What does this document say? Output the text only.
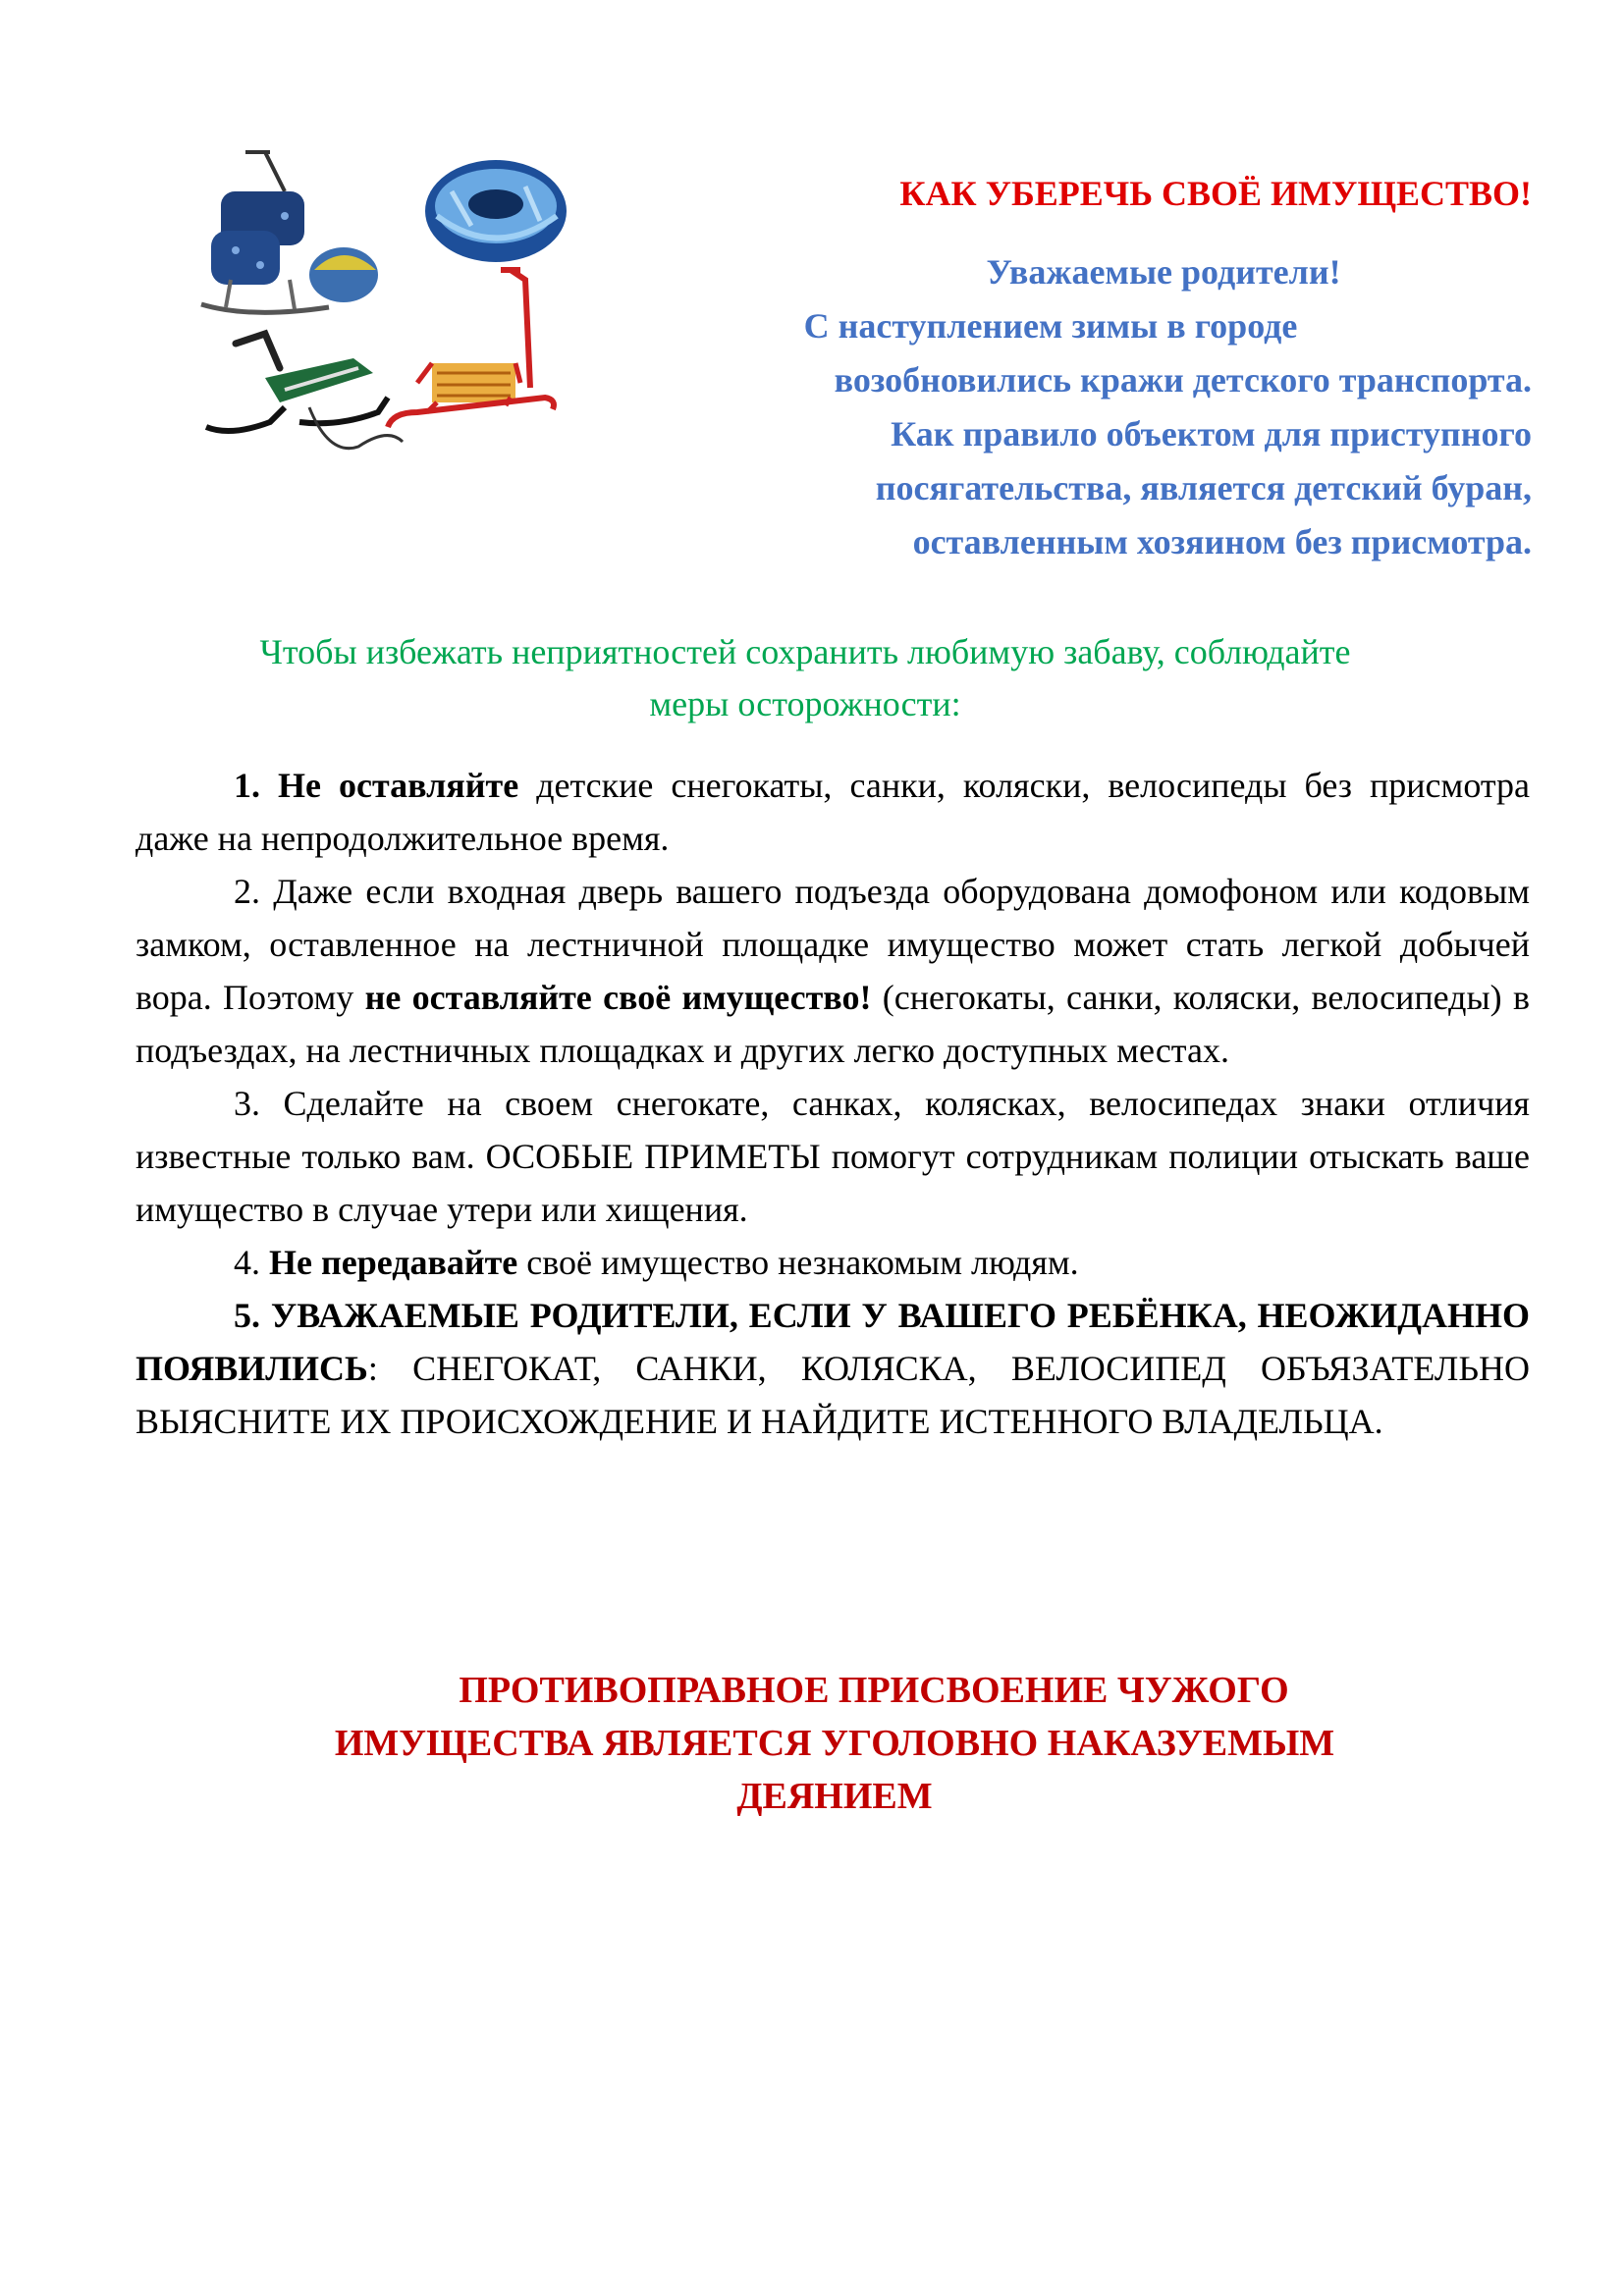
КАК УБЕРЕЧЬ СВОЁ ИМУЩЕСТВО!
Уважаемые родители!
С наступлением зимы в городе
возобновились кражи детского транспорта.
Как правило объектом для приступного
посягательства, является детский буран,
оставленным хозяином без присмотра.
Чтобы избежать неприятностей сохранить любимую забаву, соблюдайте
меры осторожности:

1. Не оставляйте детские снегокаты, санки, коляски, велосипеды без присмотра даже на непродолжительное время.

2. Даже если входная дверь вашего подъезда оборудована домофоном или кодовым замком, оставленное на лестничной площадке имущество может стать легкой добычей вора. Поэтому не оставляйте своё имущество! (снегокаты, санки, коляски, велосипеды) в подъездах, на лестничных площадках и других легко доступных местах.

3. Сделайте на своем снегокате, санках, колясках, велосипедах знаки отличия известные только вам. ОСОБЫЕ ПРИМЕТЫ помогут сотрудникам полиции отыскать ваше имущество в случае утери или хищения.

4. Не передавайте своё имущество незнакомым людям.

5. УВАЖАЕМЫЕ РОДИТЕЛИ, ЕСЛИ У ВАШЕГО РЕБЁНКА, НЕОЖИДАННО ПОЯВИЛИСЬ: СНЕГОКАТ, САНКИ, КОЛЯСКА, ВЕЛОСИПЕД ОБЪЯЗАТЕЛЬНО ВЫЯСНИТЕ ИХ ПРОИСХОЖДЕНИЕ И НАЙДИТЕ ИСТЕННОГО ВЛАДЕЛЬЦА.

ПРОТИВОПРАВНОЕ ПРИСВОЕНИЕ ЧУЖОГО
ИМУЩЕСТВА ЯВЛЯЕТСЯ УГОЛОВНО НАКАЗУЕМЫМ
ДЕЯНИЕМ
